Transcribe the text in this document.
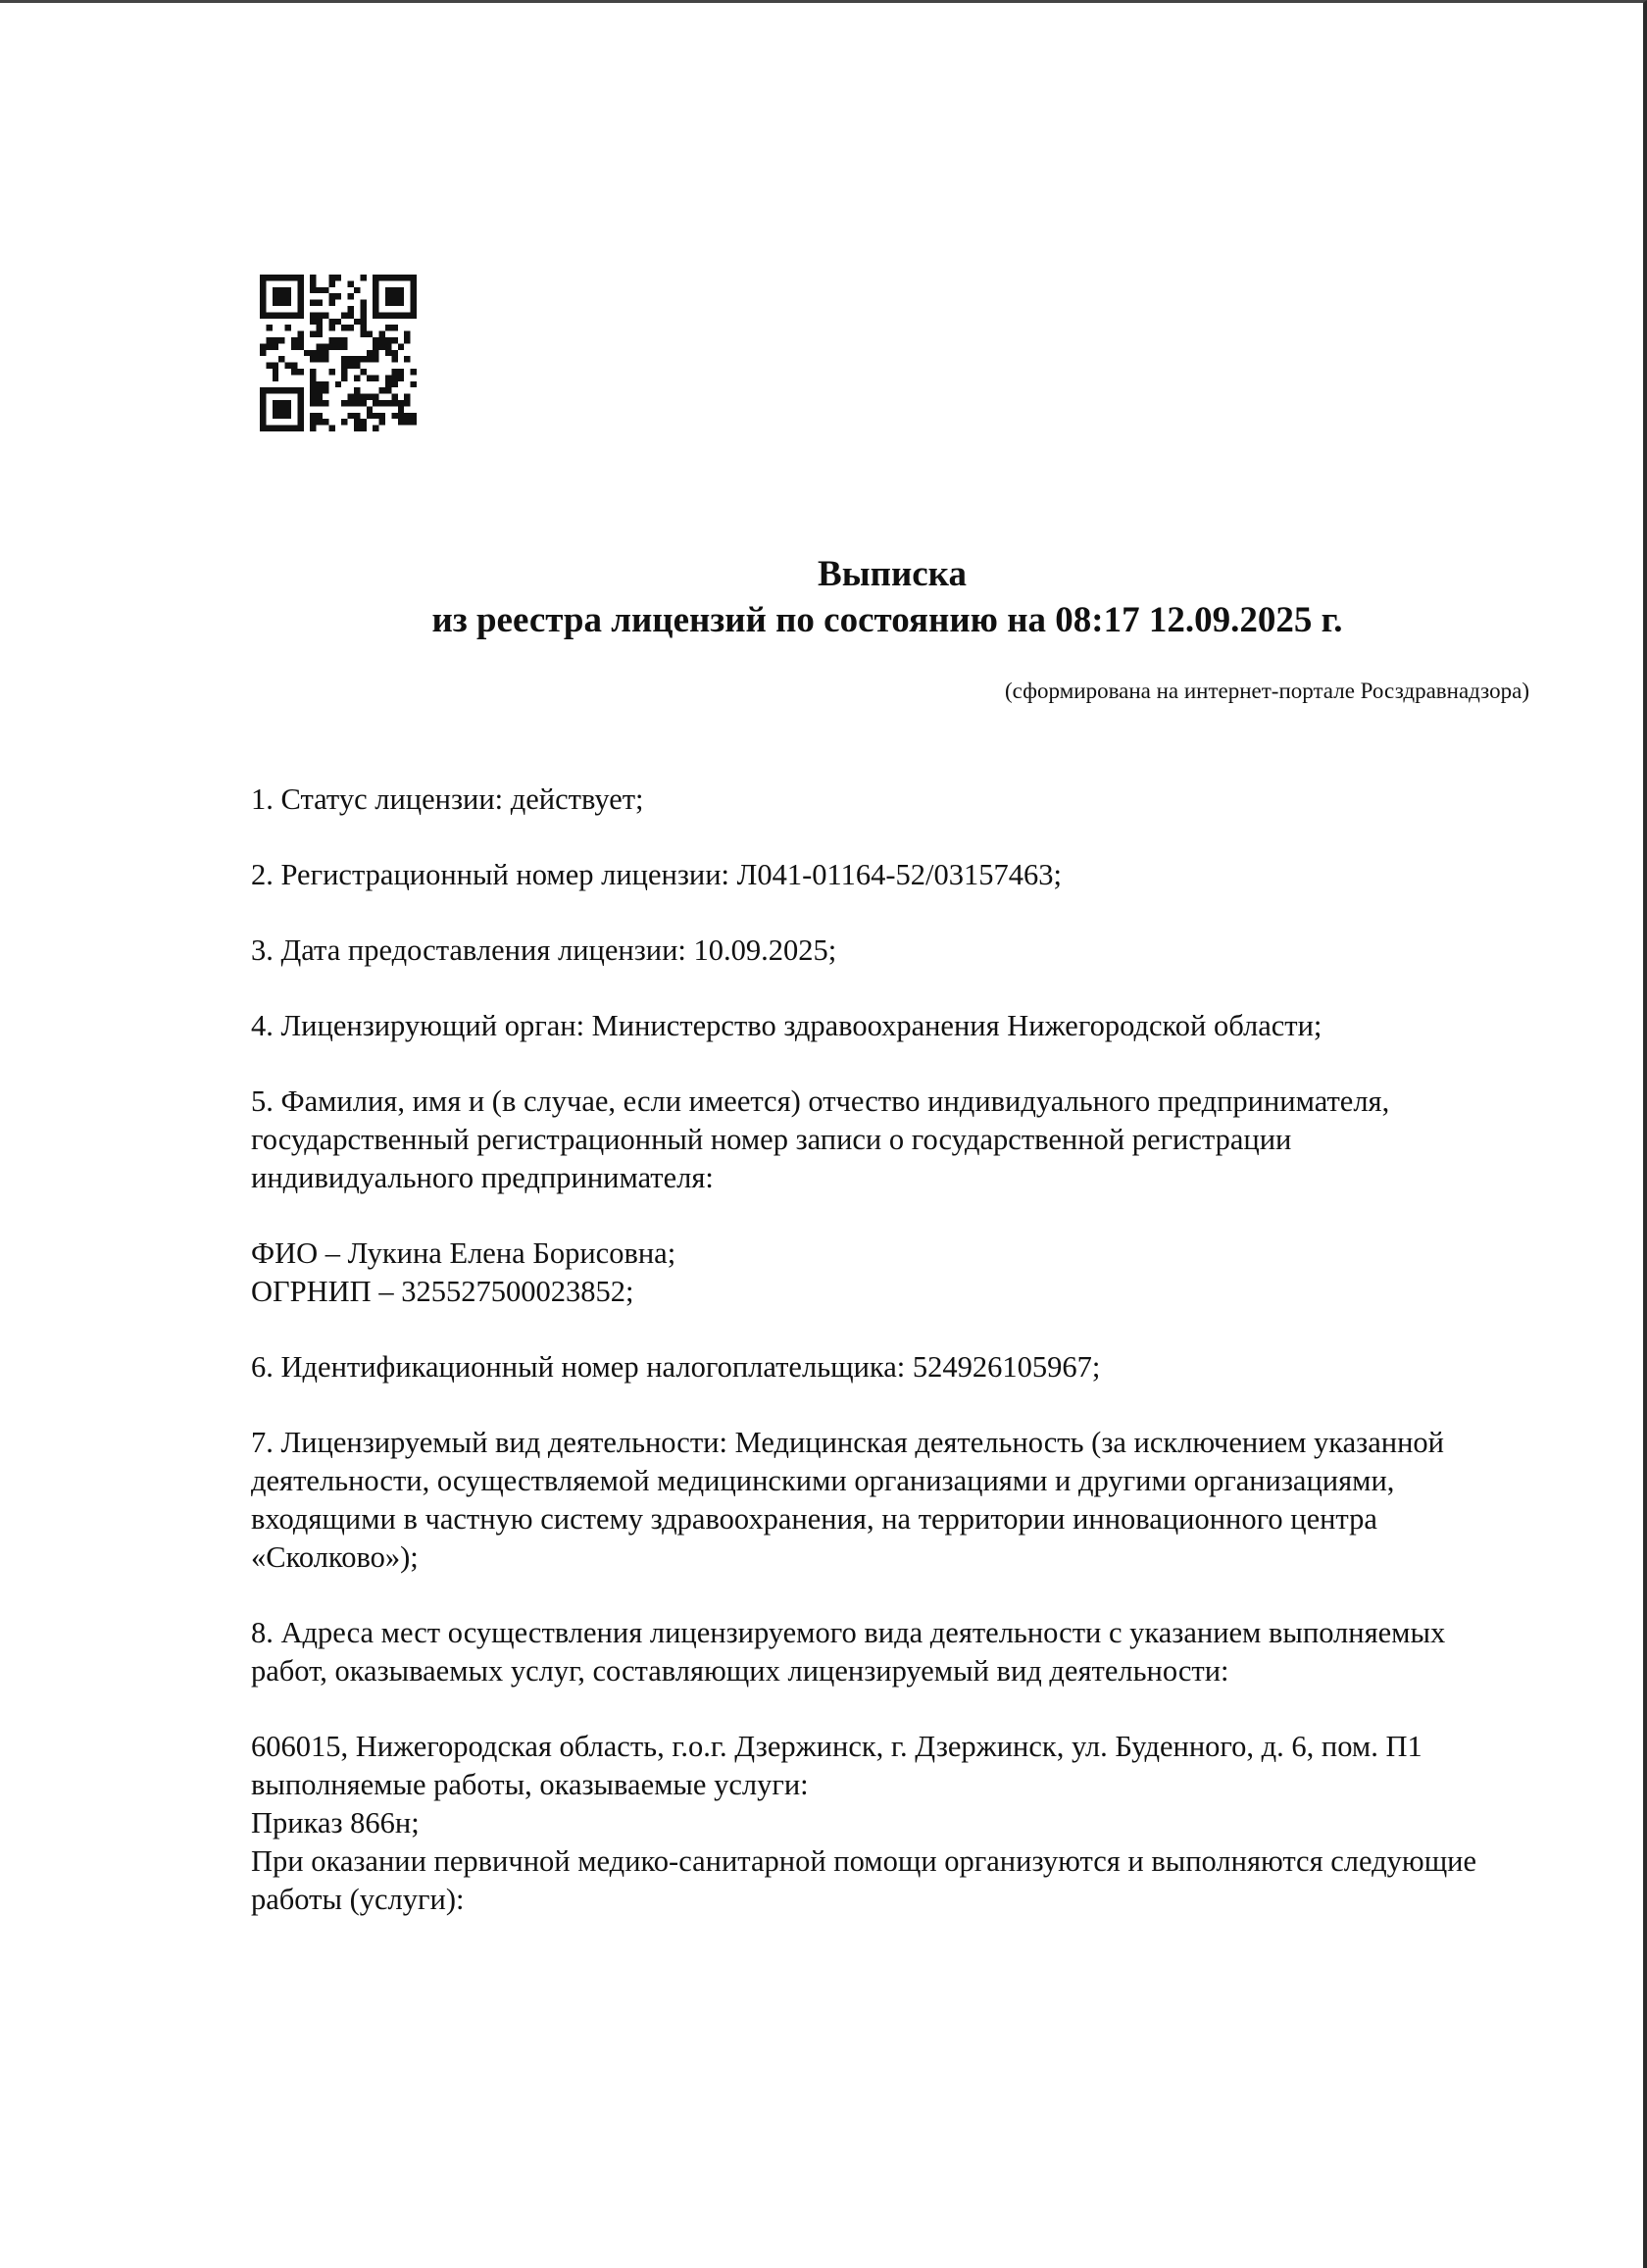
Выписка
из реестра лицензий по состоянию на 08:17 12.09.2025 г.
(сформирована на интернет-портале Росздравнадзора)
1. Статус лицензии: действует;
2. Регистрационный номер лицензии: Л041-01164-52/03157463;
3. Дата предоставления лицензии: 10.09.2025;
4. Лицензирующий орган: Министерство здравоохранения Нижегородской области;
5. Фамилия, имя и (в случае, если имеется) отчество индивидуального предпринимателя,
государственный регистрационный номер записи о государственной регистрации
индивидуального предпринимателя:
ФИО – Лукина Елена Борисовна;
ОГРНИП – 325527500023852;
6. Идентификационный номер налогоплательщика: 524926105967;
7. Лицензируемый вид деятельности: Медицинская деятельность (за исключением указанной
деятельности, осуществляемой медицинскими организациями и другими организациями,
входящими в частную систему здравоохранения, на территории инновационного центра
«Сколково»);
8. Адреса мест осуществления лицензируемого вида деятельности с указанием выполняемых
работ, оказываемых услуг, составляющих лицензируемый вид деятельности:
606015, Нижегородская область, г.о.г. Дзержинск, г. Дзержинск, ул. Буденного, д. 6, пом. П1
выполняемые работы, оказываемые услуги:
Приказ 866н;
При оказании первичной медико-санитарной помощи организуются и выполняются следующие
работы (услуги):
